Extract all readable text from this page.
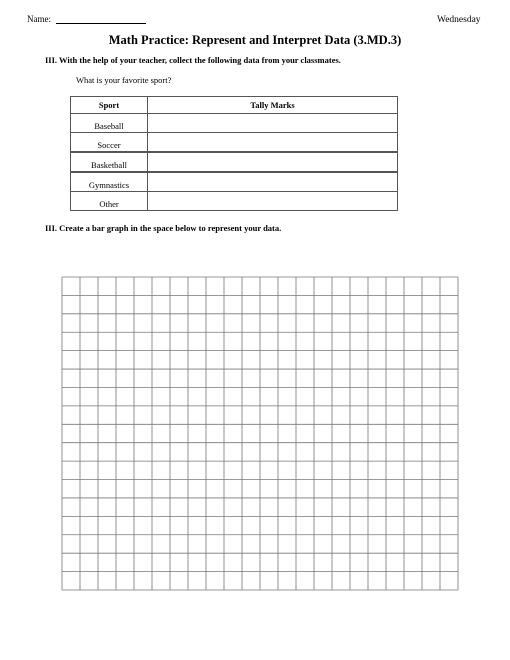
Name:	Wednesday
Math Practice: Represent and Interpret Data (3.MD.3)
III. With the help of your teacher, collect the following data from your classmates.
What is your favorite sport?
Sport	Tally Marks
Baseball	
Soccer	
Basketball	
Gymnastics	
Other	
III. Create a bar graph in the space below to represent your data.
